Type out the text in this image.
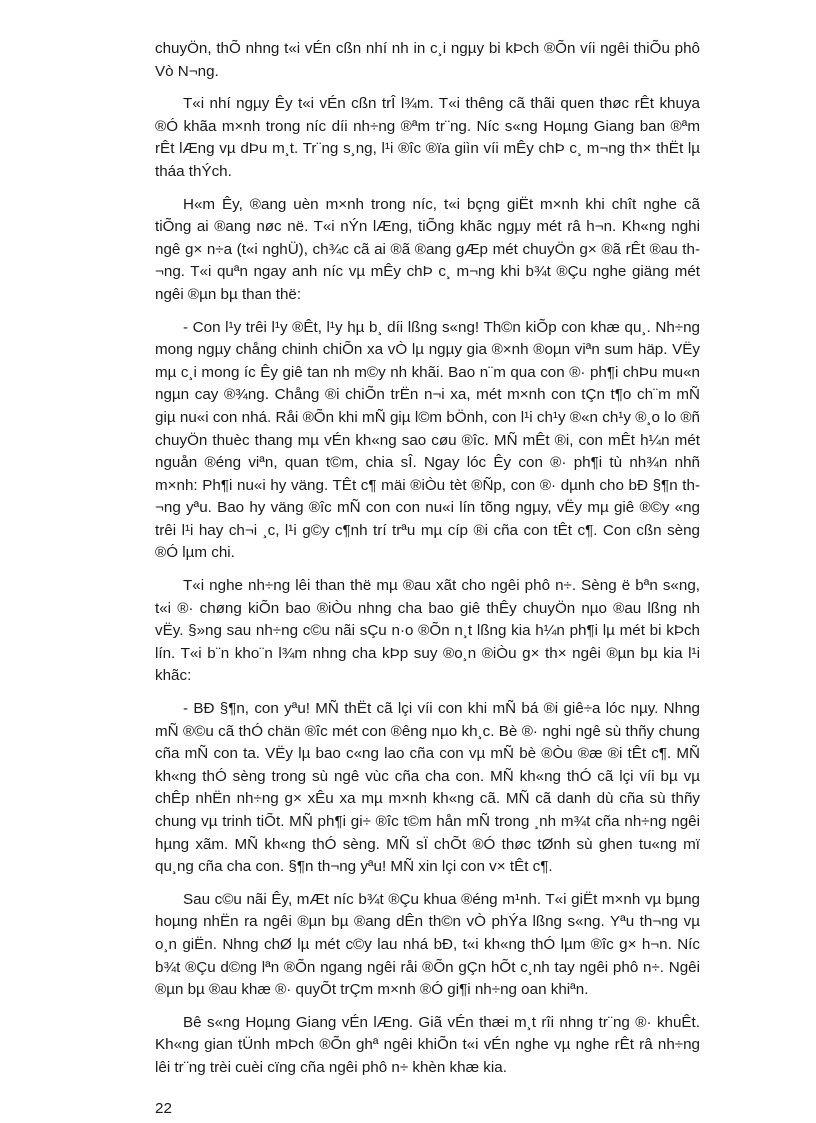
chuyÖn, thÕ nhng t«i vÉn cßn nhí nh in c¸i ngµy bi kÞch ®Õn víi ngêi thiÕu phô Vò N¬ng.

T«i nhí ngµy Êy t«i vÉn cßn trÎ l¾m. T«i thêng cã thãi quen thøc rÊt khuya ®Ó khãa m×nh trong níc díi nh÷ng ®ªm tr¨ng. Níc s«ng Hoµng Giang ban ®ªm rÊt lÆng vµ dÞu m¸t. Tr¨ng s¸ng, l¹i ®îc ®ïa giìn víi mÊy chÞ c¸ m¬ng th× thËt lµ tháa thÝch.

H«m Êy, ®ang uèn m×nh trong níc, t«i bçng giËt m×nh khi chît nghe cã tiÕng ai ®ang nøc në. T«i nÝn lÆng, tiÕng khãc ngµy mét râ h¬n. Kh«ng nghi ngê g× n÷a (t«i nghÜ), ch¾c cã ai ®ã ®ang gÆp mét chuyÖn g× ®ã rÊt ®au th¬ng. T«i quªn ngay anh níc vµ mÊy chÞ c¸ m¬ng khi b¾t ®Çu nghe giäng mét ngêi ®µn bµ than thë:

- Con l¹y trêi l¹y ®Êt, l¹y hµ b¸ díi lßng s«ng! Th©n kiÕp con khæ qu¸. Nh÷ng mong ngµy chång chinh chiÕn xa vÒ lµ ngµy gia ®×nh ®oµn viªn sum häp. VËy mµ c¸i mong íc Êy giê tan nh m©y nh khãi. Bao n¨m qua con ®· ph¶i chÞu mu«n ngµn cay ®¾ng. Chång ®i chiÕn trËn n¬i xa, mét m×nh con tÇn t¶o ch¨m mÑ giµ nu«i con nhá. Råi ®Õn khi mÑ giµ l©m bÖnh, con l¹i ch¹y ®«n ch¹y ®¸o lo ®ñ chuyÖn thuèc thang mµ vÉn kh«ng sao cøu ®îc. MÑ mÊt ®i, con mÊt h¼n mét nguån ®éng viªn, quan t©m, chia sÎ. Ngay lóc Êy con ®· ph¶i tù nh¾n nhñ m×nh: Ph¶i nu«i hy väng. TÊt c¶ mäi ®iÒu tèt ®Ñp, con ®· dµnh cho bÐ §¶n th¬ng yªu. Bao hy väng ®îc mÑ con con nu«i lín tõng ngµy, vËy mµ giê ®©y «ng trêi l¹i hay ch¬i ¸c, l¹i g©y c¶nh trí trªu mµ cíp ®i cña con tÊt c¶. Con cßn sèng ®Ó lµm chi.

T«i nghe nh÷ng lêi than thë mµ ®au xãt cho ngêi phô n÷. Sèng ë bªn s«ng, t«i ®· chøng kiÕn bao ®iÒu nhng cha bao giê thÊy chuyÖn nµo ®au lßng nh vËy. §»ng sau nh÷ng c©u nãi sÇu n·o ®Õn n¸t lßng kia h¼n ph¶i lµ mét bi kÞch lín. T«i b¨n kho¨n l¾m nhng cha kÞp suy ®o¸n ®iÒu g× th× ngêi ®µn bµ kia l¹i khãc:

- BÐ §¶n, con yªu! MÑ thËt cã lçi víi con khi mÑ bá ®i giê÷a lóc nµy. Nhng mÑ ®©u cã thÓ chän ®îc mét con ®êng nµo kh¸c. Bè ®· nghi ngê sù thñy chung cña mÑ con ta. VËy lµ bao c«ng lao cña con vµ mÑ bè ®Òu ®æ ®i tÊt c¶. MÑ kh«ng thÓ sèng trong sù ngê vùc cña cha con. MÑ kh«ng thÓ cã lçi víi bµ vµ chÊp nhËn nh÷ng g× xÊu xa mµ m×nh kh«ng cã. MÑ cã danh dù cña sù thñy chung vµ trinh tiÕt. MÑ ph¶i gi÷ ®îc t©m hån mÑ trong ¸nh m¾t cña nh÷ng ngêi hµng xãm. MÑ kh«ng thÓ sèng. MÑ sÏ chÕt ®Ó thøc tØnh sù ghen tu«ng mï qu¸ng cña cha con. §¶n th¬ng yªu! MÑ xin lçi con v× tÊt c¶.

Sau c©u nãi Êy, mÆt níc b¾t ®Çu khua ®éng m¹nh. T«i giËt m×nh vµ bµng hoµng nhËn ra ngêi ®µn bµ ®ang dÊn th©n vÒ phÝa lßng s«ng. Yªu th¬ng vµ o¸n giËn. Nhng chØ lµ mét c©y lau nhá bÐ, t«i kh«ng thÓ lµm ®îc g× h¬n. Níc b¾t ®Çu d©ng lªn ®Õn ngang ngêi råi ®Õn gÇn hÕt c¸nh tay ngêi phô n÷. Ngêi ®µn bµ ®au khæ ®· quyÕt trÇm m×nh ®Ó gi¶i nh÷ng oan khiªn.

Bê s«ng Hoµng Giang vÉn lÆng. Giã vÉn thæi m¸t rîi nhng tr¨ng ®· khuÊt. Kh«ng gian tÜnh mÞch ®Õn ghª ngêi khiÕn t«i vÉn nghe vµ nghe rÊt râ nh÷ng lêi tr¨ng trèi cuèi cïng cña ngêi phô n÷ khèn khæ kia.

22
